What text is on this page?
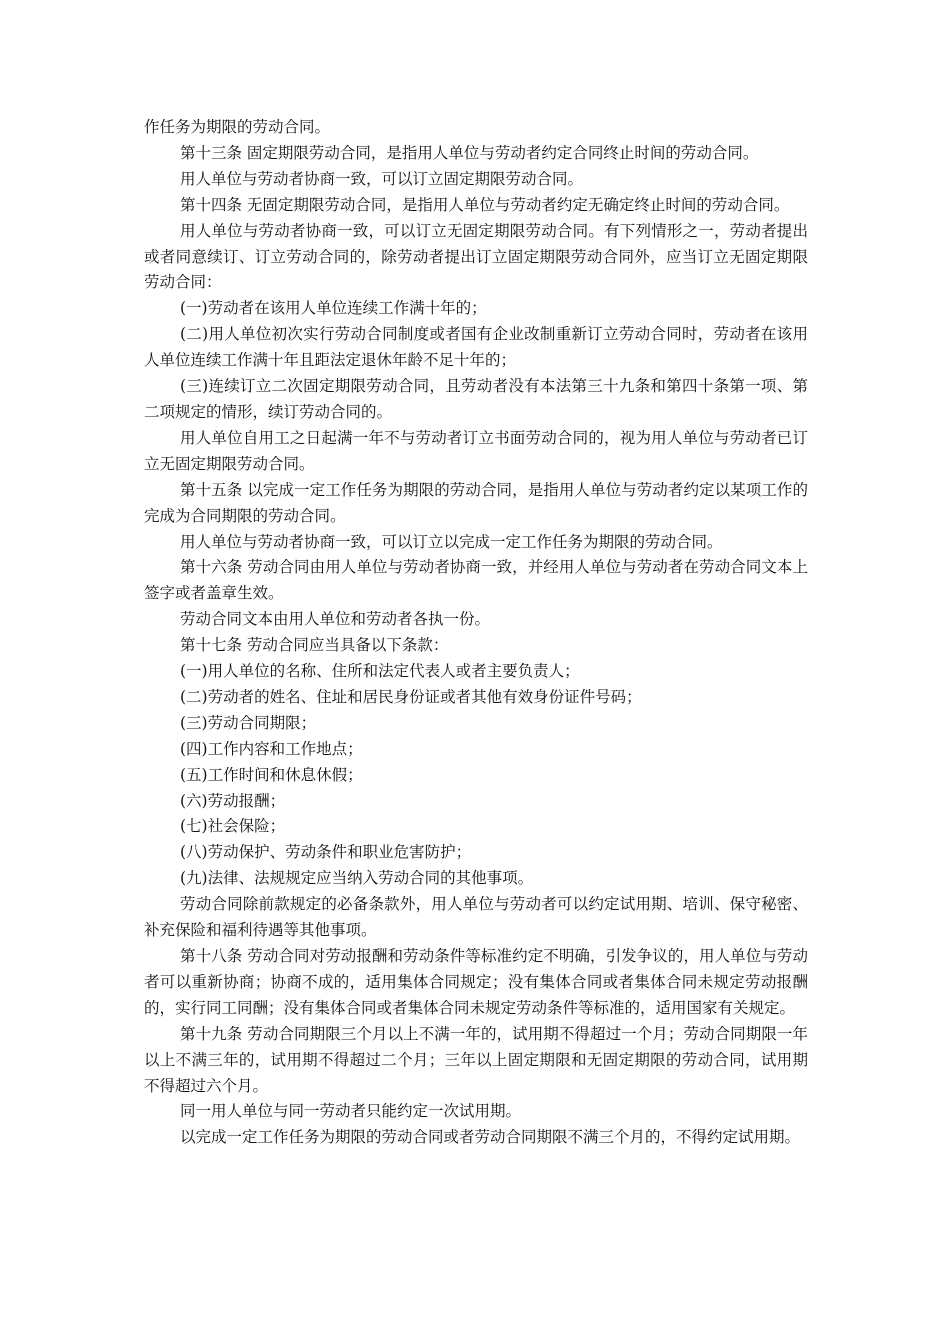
作任务为期限的劳动合同。

第十三条 固定期限劳动合同，是指用人单位与劳动者约定合同终止时间的劳动合同。

用人单位与劳动者协商一致，可以订立固定期限劳动合同。

第十四条 无固定期限劳动合同，是指用人单位与劳动者约定无确定终止时间的劳动合同。

用人单位与劳动者协商一致，可以订立无固定期限劳动合同。有下列情形之一，劳动者提出或者同意续订、订立劳动合同的，除劳动者提出订立固定期限劳动合同外，应当订立无固定期限劳动合同：

(一)劳动者在该用人单位连续工作满十年的；

(二)用人单位初次实行劳动合同制度或者国有企业改制重新订立劳动合同时，劳动者在该用人单位连续工作满十年且距法定退休年龄不足十年的；

(三)连续订立二次固定期限劳动合同，且劳动者没有本法第三十九条和第四十条第一项、第二项规定的情形，续订劳动合同的。

用人单位自用工之日起满一年不与劳动者订立书面劳动合同的，视为用人单位与劳动者已订立无固定期限劳动合同。

第十五条 以完成一定工作任务为期限的劳动合同，是指用人单位与劳动者约定以某项工作的完成为合同期限的劳动合同。

用人单位与劳动者协商一致，可以订立以完成一定工作任务为期限的劳动合同。

第十六条 劳动合同由用人单位与劳动者协商一致，并经用人单位与劳动者在劳动合同文本上签字或者盖章生效。

劳动合同文本由用人单位和劳动者各执一份。

第十七条 劳动合同应当具备以下条款：

(一)用人单位的名称、住所和法定代表人或者主要负责人；

(二)劳动者的姓名、住址和居民身份证或者其他有效身份证件号码；

(三)劳动合同期限；

(四)工作内容和工作地点；

(五)工作时间和休息休假；

(六)劳动报酬；

(七)社会保险；

(八)劳动保护、劳动条件和职业危害防护；

(九)法律、法规规定应当纳入劳动合同的其他事项。

劳动合同除前款规定的必备条款外，用人单位与劳动者可以约定试用期、培训、保守秘密、补充保险和福利待遇等其他事项。

第十八条 劳动合同对劳动报酬和劳动条件等标准约定不明确，引发争议的，用人单位与劳动者可以重新协商；协商不成的，适用集体合同规定；没有集体合同或者集体合同未规定劳动报酬的，实行同工同酬；没有集体合同或者集体合同未规定劳动条件等标准的，适用国家有关规定。

第十九条 劳动合同期限三个月以上不满一年的，试用期不得超过一个月；劳动合同期限一年以上不满三年的，试用期不得超过二个月；三年以上固定期限和无固定期限的劳动合同，试用期不得超过六个月。

同一用人单位与同一劳动者只能约定一次试用期。

以完成一定工作任务为期限的劳动合同或者劳动合同期限不满三个月的，不得约定试用期。
